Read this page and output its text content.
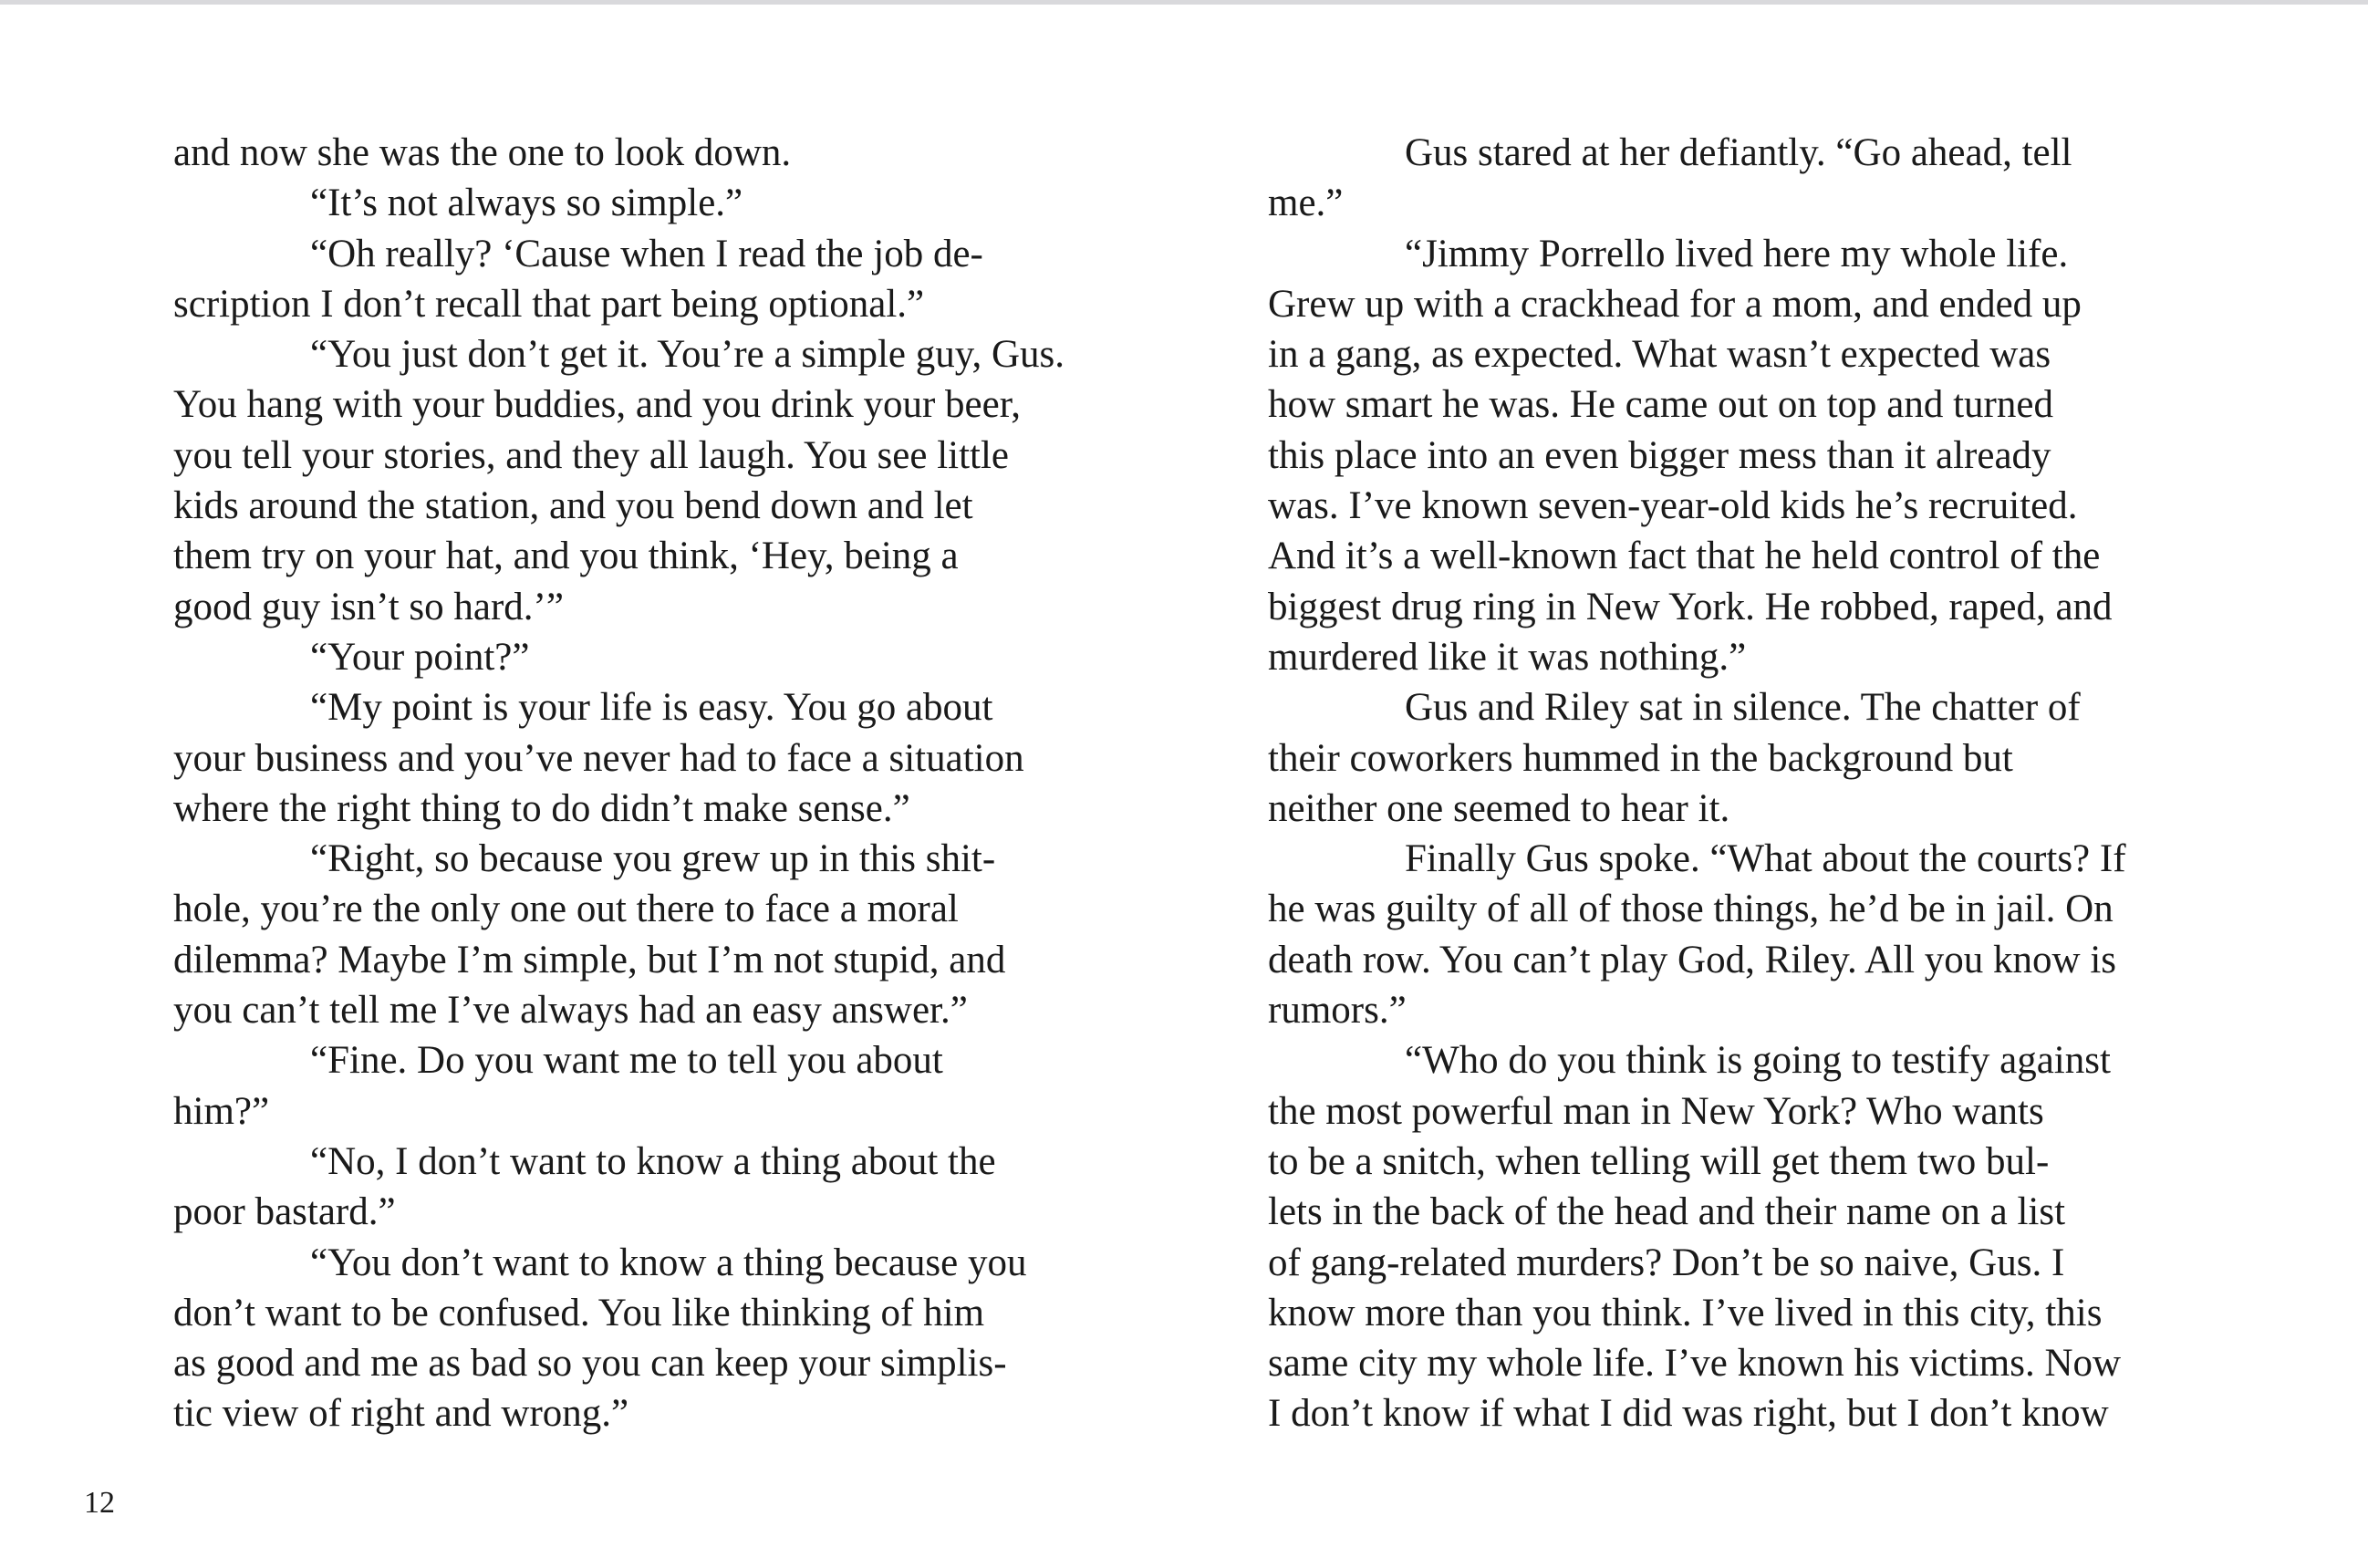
and now she was the one to look down.
“It’s not always so simple.”
“Oh really? ‘Cause when I read the job de-
scription I don’t recall that part being optional.”
“You just don’t get it. You’re a simple guy, Gus.
You hang with your buddies, and you drink your beer,
you tell your stories, and they all laugh. You see little
kids around the station, and you bend down and let
them try on your hat, and you think, ‘Hey, being a
good guy isn’t so hard.’”
“Your point?”
“My point is your life is easy. You go about
your business and you’ve never had to face a situation
where the right thing to do didn’t make sense.”
“Right, so because you grew up in this shit-
hole, you’re the only one out there to face a moral
dilemma? Maybe I’m simple, but I’m not stupid, and
you can’t tell me I’ve always had an easy answer.”
“Fine. Do you want me to tell you about
him?”
“No, I don’t want to know a thing about the
poor bastard.”
“You don’t want to know a thing because you
don’t want to be confused. You like thinking of him
as good and me as bad so you can keep your simplis-
tic view of right and wrong.”
Gus stared at her defiantly. “Go ahead, tell
me.”
“Jimmy Porrello lived here my whole life.
Grew up with a crackhead for a mom, and ended up
in a gang, as expected. What wasn’t expected was
how smart he was. He came out on top and turned
this place into an even bigger mess than it already
was. I’ve known seven-year-old kids he’s recruited.
And it’s a well-known fact that he held control of the
biggest drug ring in New York. He robbed, raped, and
murdered like it was nothing.”
Gus and Riley sat in silence. The chatter of
their coworkers hummed in the background but
neither one seemed to hear it.
Finally Gus spoke. “What about the courts? If
he was guilty of all of those things, he’d be in jail. On
death row. You can’t play God, Riley. All you know is
rumors.”
“Who do you think is going to testify against
the most powerful man in New York? Who wants
to be a snitch, when telling will get them two bul-
lets in the back of the head and their name on a list
of gang-related murders? Don’t be so naive, Gus. I
know more than you think. I’ve lived in this city, this
same city my whole life. I’ve known his victims. Now
I don’t know if what I did was right, but I don’t know
12
